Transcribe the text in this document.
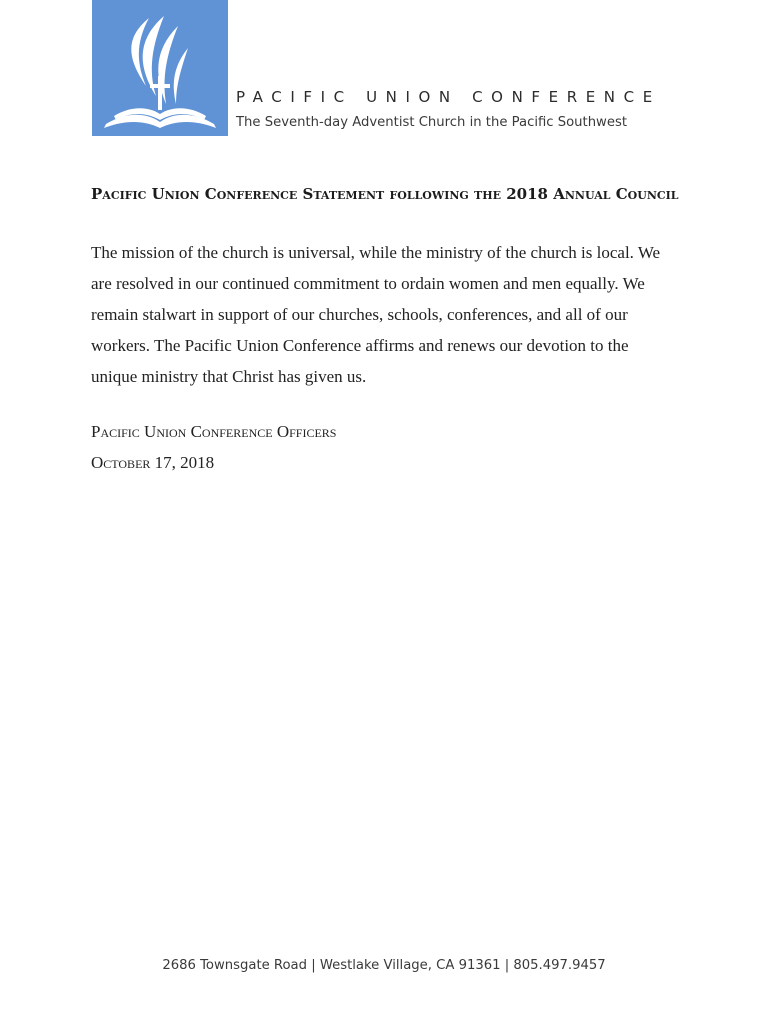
PACIFIC UNION CONFERENCE
The Seventh-day Adventist Church in the Pacific Southwest
Pacific Union Conference Statement following the 2018 Annual Council

The mission of the church is universal, while the ministry of the church is local. We are resolved in our continued commitment to ordain women and men equally. We remain stalwart in support of our churches, schools, conferences, and all of our workers. The Pacific Union Conference affirms and renews our devotion to the unique ministry that Christ has given us.

Pacific Union Conference Officers
October 17, 2018
2686 Townsgate Road | Westlake Village, CA 91361 | 805.497.9457
